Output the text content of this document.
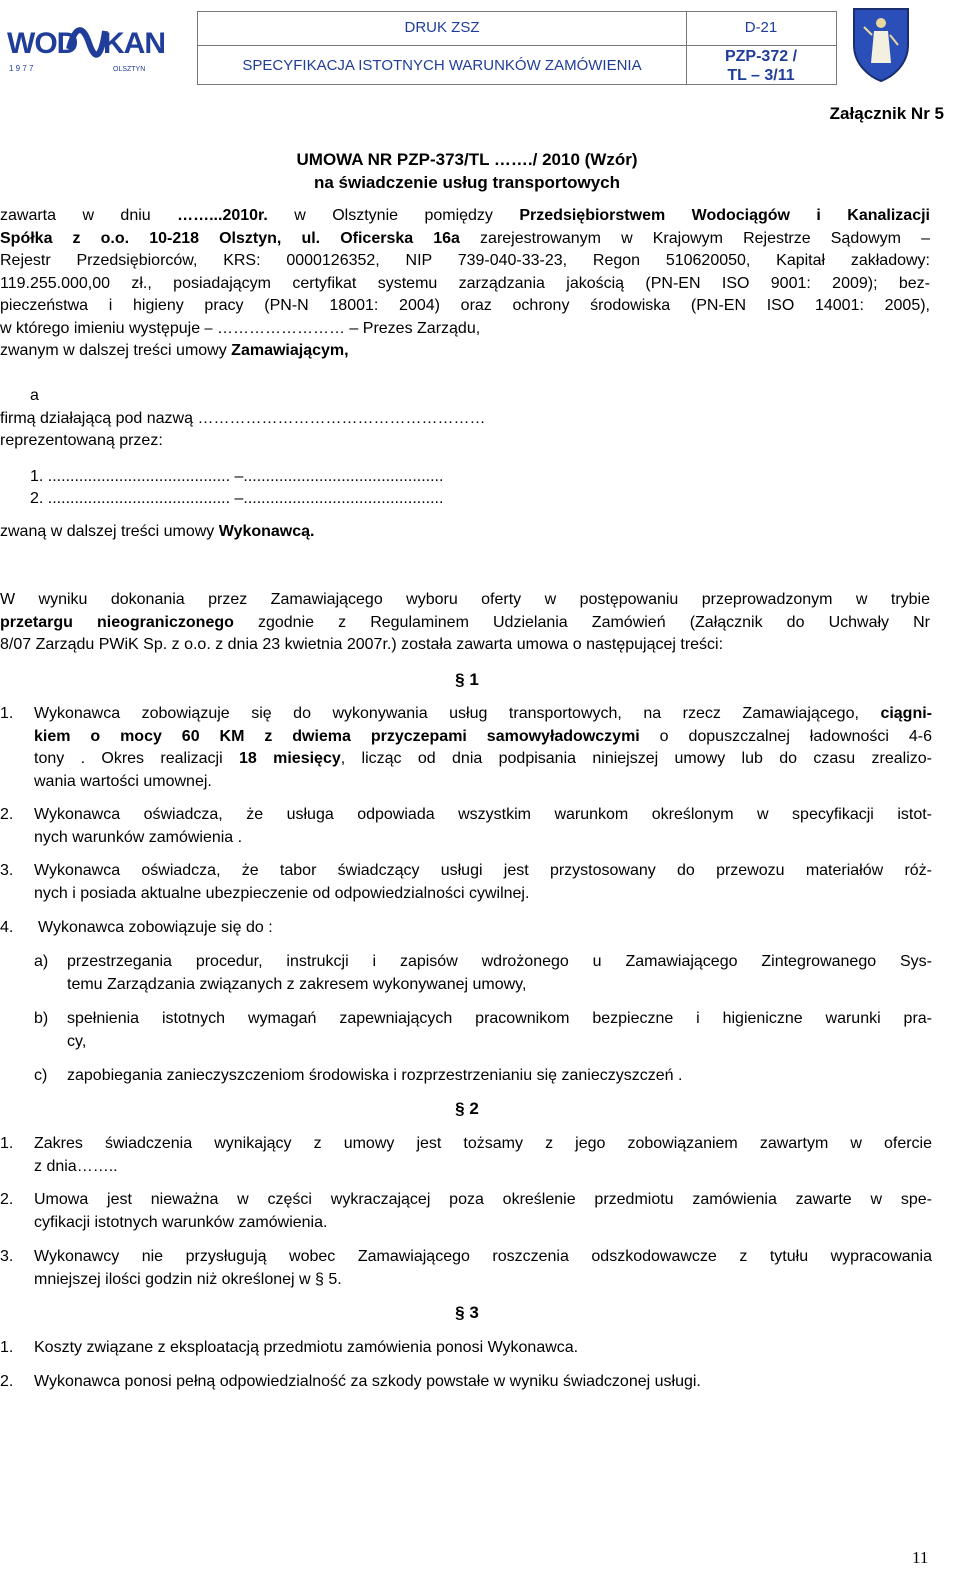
WOD KAN
1 9 7 7	OLSZTYN
DRUK ZSZ	D-21
SPECYFIKACJA ISTOTNYCH WARUNKÓW ZAMÓWIENIA
PZP-372 /
TL – 3/11
Załącznik Nr 5
UMOWA NR PZP-373/TL ……./ 2010 (Wzór)
na świadczenie usług transportowych
zawarta w dniu ……...2010r. w Olsztynie pomiędzy Przedsiębiorstwem Wodociągów i Kanalizacji
Spółka z o.o. 10-218 Olsztyn, ul. Oficerska 16a zarejestrowanym w Krajowym Rejestrze Sądowym –
Rejestr Przedsiębiorców, KRS: 0000126352, NIP 739-040-33-23, Regon 510620050, Kapitał zakładowy:
119.255.000,00 zł., posiadającym certyfikat systemu zarządzania jakością (PN-EN ISO 9001: 2009); bez-
pieczeństwa i higieny pracy (PN-N 18001: 2004) oraz ochrony środowiska (PN-EN ISO 14001: 2005),
w którego imieniu występuje ⎯ …………………… – Prezes Zarządu,
zwanym w dalszej treści umowy Zamawiającym,
a
firmą działającą pod nazwą ………………………………………………
reprezentowaną przez:
1. ......................................... –.............................................
2. ......................................... –.............................................
zwaną w dalszej treści umowy Wykonawcą.
W wyniku dokonania przez Zamawiającego wyboru oferty w postępowaniu przeprowadzonym w trybie
przetargu nieograniczonego zgodnie z Regulaminem Udzielania Zamówień (Załącznik do Uchwały Nr
8/07 Zarządu PWiK Sp. z o.o. z dnia 23 kwietnia 2007r.) została zawarta umowa o następującej treści:
§ 1
1. Wykonawca zobowiązuje się do wykonywania usług transportowych, na rzecz Zamawiającego, ciągni-
kiem o mocy 60 KM z dwiema przyczepami samowyładowczymi o dopuszczalnej ładowności 4-6
tony . Okres realizacji 18 miesięcy, licząc od dnia podpisania niniejszej umowy lub do czasu zrealizo-
wania wartości umownej.
2. Wykonawca oświadcza, że usługa odpowiada wszystkim warunkom określonym w specyfikacji istot-
nych warunków zamówienia .
3. Wykonawca oświadcza, że tabor świadczący usługi jest przystosowany do przewozu materiałów róż-
nych i posiada aktualne ubezpieczenie od odpowiedzialności cywilnej.
4. Wykonawca zobowiązuje się do :
a) przestrzegania procedur, instrukcji i zapisów wdrożonego u Zamawiającego Zintegrowanego Sys-
temu Zarządzania związanych z zakresem wykonywanej umowy,
b) spełnienia istotnych wymagań zapewniających pracownikom bezpieczne i higieniczne warunki pra-
cy,
c) zapobiegania zanieczyszczeniom środowiska i rozprzestrzenianiu się zanieczyszczeń .
§ 2
1. Zakres świadczenia wynikający z umowy jest tożsamy z jego zobowiązaniem zawartym w ofercie
z dnia……..
2. Umowa jest nieważna w części wykraczającej poza określenie przedmiotu zamówienia zawarte w spe-
cyfikacji istotnych warunków zamówienia.
3. Wykonawcy nie przysługują wobec Zamawiającego roszczenia odszkodowawcze z tytułu wypracowania
mniejszej ilości godzin niż określonej w § 5.
§ 3
1. Koszty związane z eksploatacją przedmiotu zamówienia ponosi Wykonawca.
2. Wykonawca ponosi pełną odpowiedzialność za szkody powstałe w wyniku świadczonej usługi.
11
